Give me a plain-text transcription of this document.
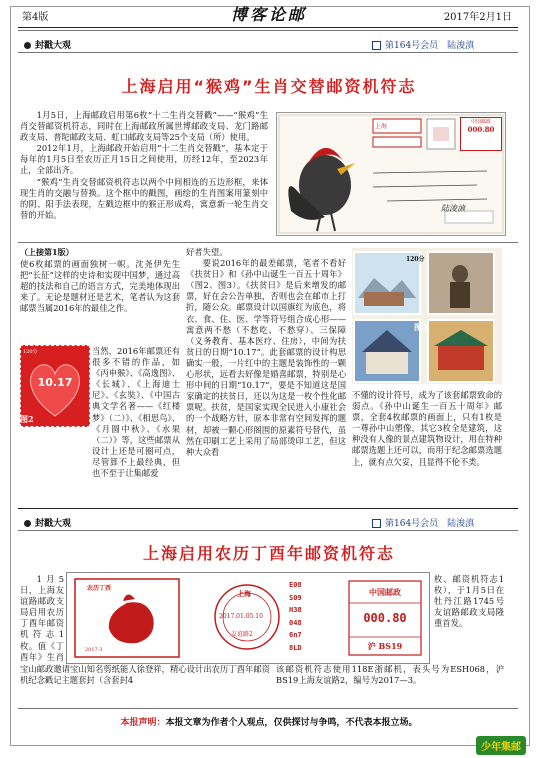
第4版	博客论邮	2017年2月1日
封戳大观	第164号会员　陆浚滇
上海启用“猴鸡”生肖交替邮资机符志

1月5日，上海邮政启用第6枚“十二生肖交替戳”——“猴鸡”生肖交替邮资机符志，同时在上海邮政所属世博邮政支局、龙门路邮政支局、普陀邮政支局、虹口邮政支局等25个支局（所）使用。

2012年1月，上海邮政开始启用“十二生肖交替戳”，基本定于每年的1月5日至农历正月15日之间使用，历经12年，至2023年止，全部出齐。

“猴鸡”生肖交替邮资机符志以两个中间相连的五边形框，来体现生肖的交融与替换。这个框中的戳图，画绘的生肖图案用篆刻中的阴、阳手法表现，左戳边框中的猴正形成鸡，寓意新一轮生肖交替的开始。

中国邮政
000.80
上海
陆浚滇
（上接第1版）

使6枚邮票的画面独树一帜。沈尧伊先生把“长征”这样的史诗和实现中国梦，通过高超的技法和自己的语言方式，完美地体现出来了。无论是题材还是艺术，笔者认为这套邮票当属2016年的最佳之作。

10.17
120分
图2

当然，2016年邮票还有很多不错的作品，如《丙申猴》、《高逸图》、《长城》、《上海迪士尼》、《玄奘》、《中国古典文学名著——《红楼梦》（二）》、《相思鸟》、《月圆中秋》、《水果（二）》等，这些邮票从设计上还是可圈可点，尽管算不上最经典，但也不至于让集邮爱

好者失望。

要说2016年的最差邮票，笔者不看好《扶贫日》和《孙中山诞生一百五十周年》（图2、图3）。《扶贫日》是后来增发的邮票，好在会公告单独，否则也会在邮市上打折，随公众。邮票设计以国旗红为底色，将衣、食、住、医、学等符号组合成心形——寓意两不愁（不愁吃、不愁穿）、三保障（义务教育、基本医疗、住房），中间为扶贫日的日期“10.17”。此套邮票的设计构思确实一般，一片红中的主题是装饰性的一颗心形状，远看去好像是婚喜邮票，特别是心形中间的日期“10.17”，要是不知道这是国家确定的扶贫日，还以为这是一枚个性化邮票呢。扶贫，是国家实现全民进入小康社会的一个战略方针，原本非常有空间发挥的题材，却被一颗心形阁围的原素符号替代，虽然在印刷工艺上采用了局部烫印工艺，但这种大众看

120分
图3

不懂的设计符号，成为了该套邮票致命的弱点。《孙中山诞生一百五十周年》邮票，全套4枚邮票的画面上，只有1枚是一尊孙中山塑像，其它3枚全是建筑，这种没有人像的景点建筑物设计，用在特种邮票选题上还可以，而用于纪念邮票选题上，就有点欠妥，且显得不伦不类。

封戳大观	第164号会员　陆浚滇
上海启用农历丁酉年邮资机符志

1月5日，上海友谊路邮政支局启用农历丁酉年邮资机符志1枚。值《丁酉年》生肖

宝山邮政邀请宝山知名剪纸能人徐登祥，精心设计出农历丁酉年邮资机纪念戳记主题套封（含套封4

农历丁酉
2017-3
上海
2017.01.05.10
友谊路2
E08
S09
H38
048
6n7
8LD
中国邮政
000.80
沪 BS19

枚、邮资机符志1枚），于1月5日在牡丹江路1745号友谊路邮政支局隆重首发。

该邮资机符志使用118E浙邮机，表头号为ESH068，沪BS19上海友谊路2，编号为2017—3。

本报声明：本报文章为作者个人观点，仅供探讨与争鸣，不代表本报立场。
少年集邮
